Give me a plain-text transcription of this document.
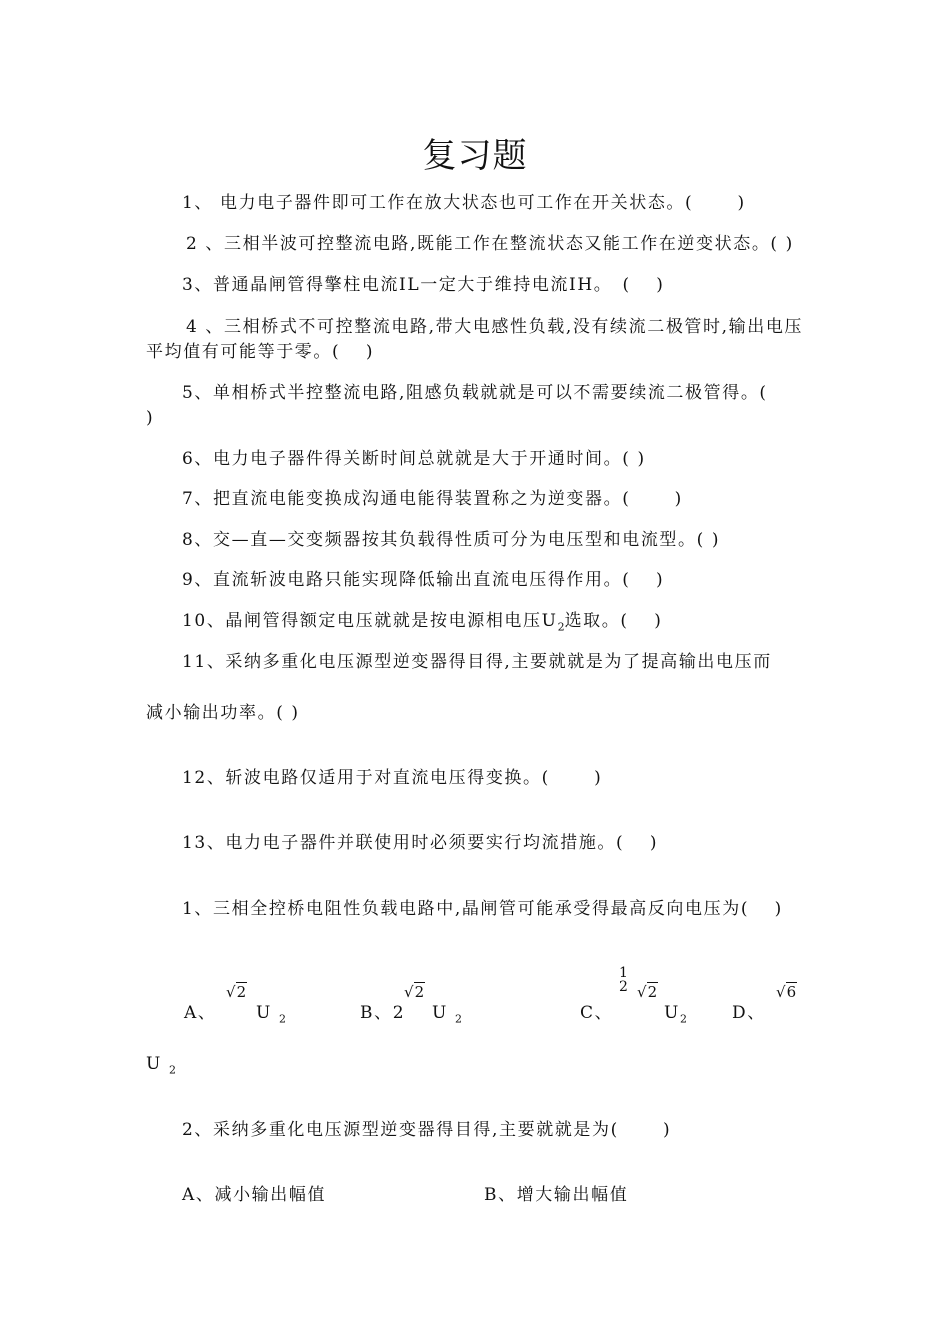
复习题
1、 电力电子器件即可工作在放大状态也可工作在开关状态。(　　 )
2 、三相半波可控整流电路,既能工作在整流状态又能工作在逆变状态。( )
3、普通晶闸管得擎柱电流IL一定大于维持电流IH。　(　 )
4 、三相桥式不可控整流电路,带大电感性负载,没有续流二极管时,输出电压
平均值有可能等于零。(　 )
5、单相桥式半控整流电路,阻感负载就就是可以不需要续流二极管得。(
)
6、电力电子器件得关断时间总就就是大于开通时间。( )
7、把直流电能变换成沟通电能得装置称之为逆变器。(　　 )
8、交—直—交变频器按其负载得性质可分为电压型和电流型。( )
9、直流斩波电路只能实现降低输出直流电压得作用。(　 )
10、晶闸管得额定电压就就是按电源相电压$U_2$选取。(　 )
11、采纳多重化电压源型逆变器得目得,主要就就是为了提高输出电压而
减小输出功率。( )
12、斩波电路仅适用于对直流电压得变换。(　　 )
13、电力电子器件并联使用时必须要实行均流措施。(　 )
1、三相全控桥电阻性负载电路中,晶闸管可能承受得最高反向电压为(　 )
√2
A、 U $_2$
√2
B、2 U $_2$
1
2 √2
C、	$U_2$
√6
D、
U $_2$
2、采纳多重化电压源型逆变器得目得,主要就就是为(　　 )
A、减小输出幅值	B、增大输出幅值
